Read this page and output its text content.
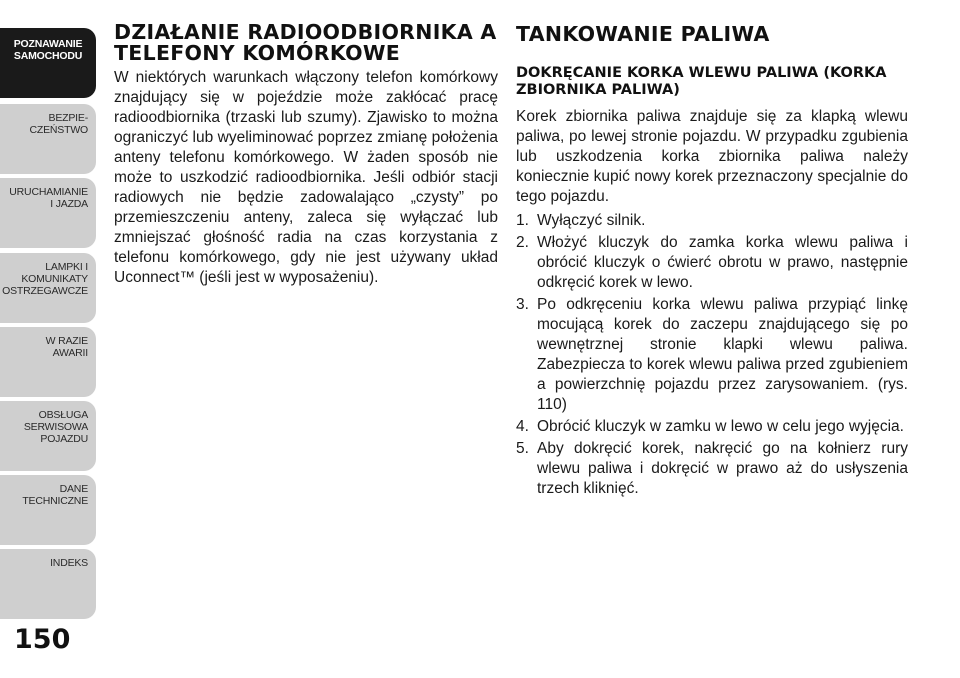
POZNAWANIE
SAMOCHODU
BEZPIE-
CZEŃSTWO
URUCHAMIANIE
I JAZDA
LAMPKI I
KOMUNIKATY
OSTRZEGAWCZE
W RAZIE
AWARII
OBSŁUGA
SERWISOWA
POJAZDU
DANE
TECHNICZNE
INDEKS
150
DZIAŁANIE RADIOODBIORNIKA A TELEFONY KOMÓRKOWE

W niektórych warunkach włączony telefon komórkowy znajdujący się w pojeździe może zakłócać pracę radioodbiornika (trzaski lub szumy). Zjawisko to można ograniczyć lub wyeliminować poprzez zmianę położenia anteny telefonu komórkowego. W żaden sposób nie może to uszkodzić radioodbiornika. Jeśli odbiór stacji radiowych nie będzie zadowalająco „czysty” po przemieszczeniu anteny, zaleca się wyłączać lub zmniejszać głośność radia na czas korzystania z telefonu komórkowego, gdy nie jest używany układ Uconnect™ (jeśli jest w wyposażeniu).

TANKOWANIE PALIWA
DOKRĘCANIE KORKA WLEWU PALIWA (KORKA ZBIORNIKA PALIWA)

Korek zbiornika paliwa znajduje się za klapką wlewu paliwa, po lewej stronie pojazdu. W przypadku zgubienia lub uszkodzenia korka zbiornika paliwa należy koniecznie kupić nowy korek przeznaczony specjalnie do tego pojazdu.

1. Wyłączyć silnik.
2. Włożyć kluczyk do zamka korka wlewu paliwa i obrócić kluczyk o ćwierć obrotu w prawo, następnie odkręcić korek w lewo.
3. Po odkręceniu korka wlewu paliwa przypiąć linkę mocującą korek do zaczepu znajdującego się po wewnętrznej stronie klapki wlewu paliwa. Zabezpiecza to korek wlewu paliwa przed zgubieniem a powierzchnię pojazdu przez zarysowaniem. (rys. 110)
4. Obrócić kluczyk w zamku w lewo w celu jego wyjęcia.
5. Aby dokręcić korek, nakręcić go na kołnierz rury wlewu paliwa i dokręcić w prawo aż do usłyszenia trzech kliknięć.
